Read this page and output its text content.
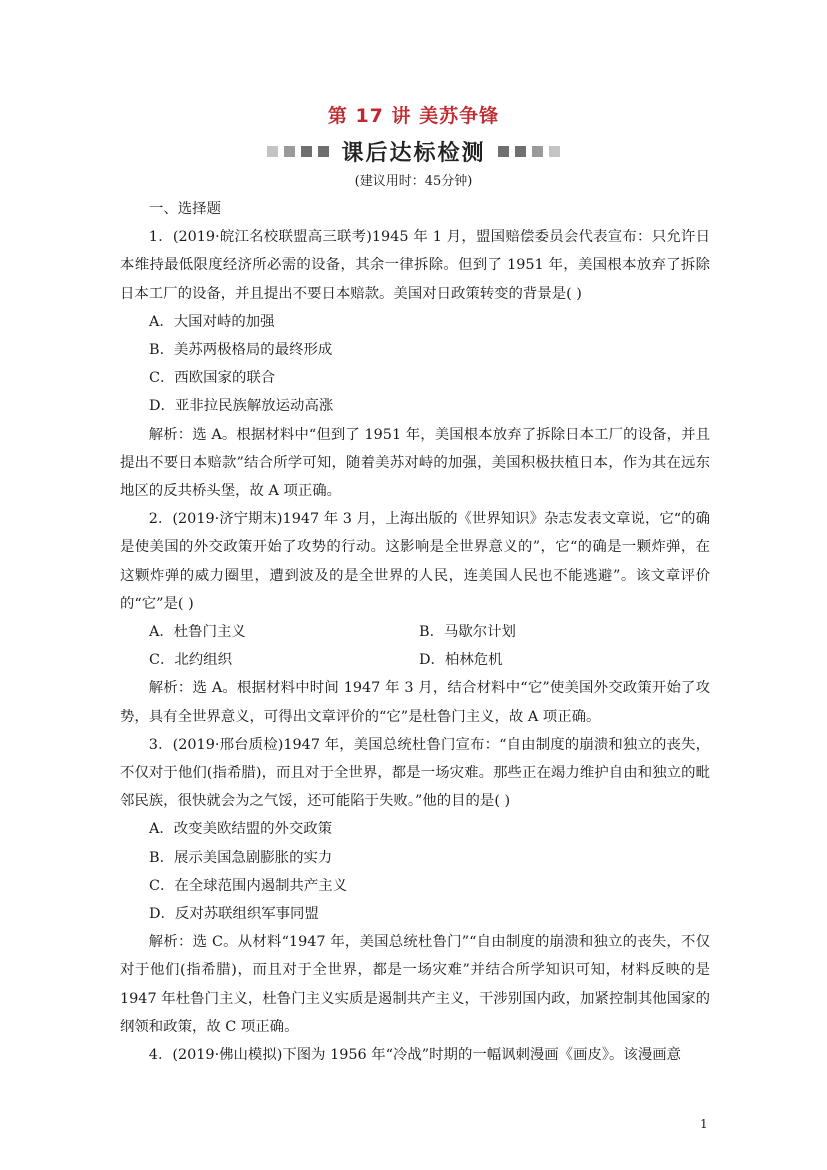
第 17 讲 美苏争锋
课后达标检测
(建议用时：45分钟)

一、选择题

1．(2019·皖江名校联盟高三联考)1945 年 1 月，盟国赔偿委员会代表宣布：只允许日本维持最低限度经济所必需的设备，其余一律拆除。但到了 1951 年，美国根本放弃了拆除日本工厂的设备，并且提出不要日本赔款。美国对日政策转变的背景是( )

A．大国对峙的加强

B．美苏两极格局的最终形成

C．西欧国家的联合

D．亚非拉民族解放运动高涨

解析：选 A。根据材料中“但到了 1951 年，美国根本放弃了拆除日本工厂的设备，并且提出不要日本赔款”结合所学可知，随着美苏对峙的加强，美国积极扶植日本，作为其在远东地区的反共桥头堡，故 A 项正确。

2．(2019·济宁期末)1947 年 3 月，上海出版的《世界知识》杂志发表文章说，它“的确是使美国的外交政策开始了攻势的行动。这影响是全世界意义的”，它“的确是一颗炸弹，在这颗炸弹的威力圈里，遭到波及的是全世界的人民，连美国人民也不能逃避”。该文章评价的“它”是( )

A．杜鲁门主义	B．马歇尔计划
C．北约组织	D．柏林危机

解析：选 A。根据材料中时间 1947 年 3 月，结合材料中“它”使美国外交政策开始了攻势，具有全世界意义，可得出文章评价的“它”是杜鲁门主义，故 A 项正确。

3．(2019·邢台质检)1947 年，美国总统杜鲁门宣布：“自由制度的崩溃和独立的丧失，不仅对于他们(指希腊)，而且对于全世界，都是一场灾难。那些正在竭力维护自由和独立的毗邻民族，很快就会为之气馁，还可能陷于失败。”他的目的是( )

A．改变美欧结盟的外交政策

B．展示美国急剧膨胀的实力

C．在全球范围内遏制共产主义

D．反对苏联组织军事同盟

解析：选 C。从材料“1947 年，美国总统杜鲁门”“自由制度的崩溃和独立的丧失，不仅对于他们(指希腊)，而且对于全世界，都是一场灾难”并结合所学知识可知，材料反映的是 1947 年杜鲁门主义，杜鲁门主义实质是遏制共产主义，干涉别国内政，加紧控制其他国家的纲领和政策，故 C 项正确。

4．(2019·佛山模拟)下图为 1956 年“冷战”时期的一幅讽刺漫画《画皮》。该漫画意

1
